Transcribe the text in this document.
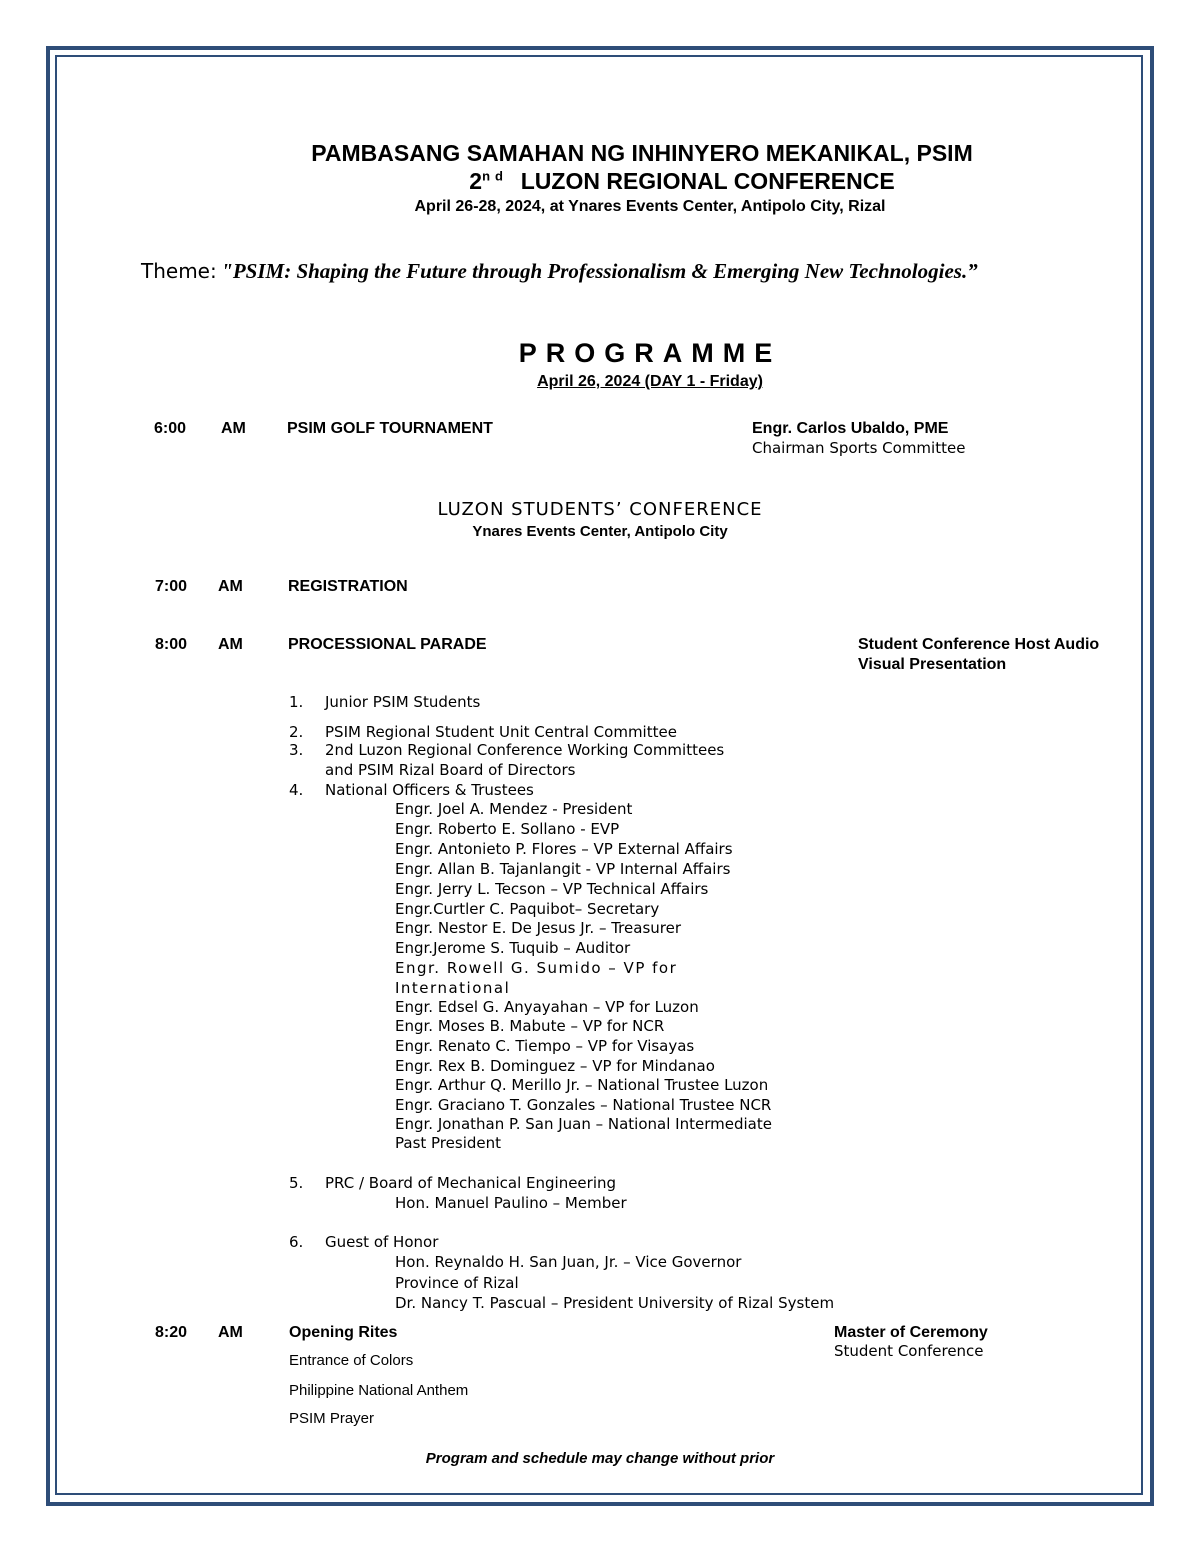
PAMBASANG SAMAHAN NG INHINYERO MEKANIKAL, PSIM
2nd LUZON REGIONAL CONFERENCE
April 26-28, 2024, at Ynares Events Center, Antipolo City, Rizal
Theme: "PSIM: Shaping the Future through Professionalism & Emerging New Technologies.”
PROGRAMME
April 26, 2024 (DAY 1 - Friday)
6:00 AM	PSIM GOLF TOURNAMENT	Engr. Carlos Ubaldo, PME
Chairman Sports Committee
LUZON STUDENTS’ CONFERENCE
Ynares Events Center, Antipolo City
7:00 AM	REGISTRATION
8:00 AM	PROCESSIONAL PARADE	Student Conference Host Audio
Visual Presentation
1. Junior PSIM Students
2. PSIM Regional Student Unit Central Committee
3. 2nd Luzon Regional Conference Working Committees
and PSIM Rizal Board of Directors
4. National Officers & Trustees
Engr. Joel A. Mendez - President
Engr. Roberto E. Sollano - EVP
Engr. Antonieto P. Flores – VP External Affairs
Engr. Allan B. Tajanlangit - VP Internal Affairs
Engr. Jerry L. Tecson – VP Technical Affairs
Engr.Curtler C. Paquibot– Secretary
Engr. Nestor E. De Jesus Jr. – Treasurer
Engr.Jerome S. Tuquib – Auditor
Engr. Rowell G. Sumido – VP for
International
Engr. Edsel G. Anyayahan – VP for Luzon
Engr. Moses B. Mabute – VP for NCR
Engr. Renato C. Tiempo – VP for Visayas
Engr. Rex B. Dominguez – VP for Mindanao
Engr. Arthur Q. Merillo Jr. – National Trustee Luzon
Engr. Graciano T. Gonzales – National Trustee NCR
Engr. Jonathan P. San Juan – National Intermediate
Past President
5. PRC / Board of Mechanical Engineering
Hon. Manuel Paulino – Member
6. Guest of Honor
Hon. Reynaldo H. San Juan, Jr. – Vice Governor
Province of Rizal
Dr. Nancy T. Pascual – President University of Rizal System
8:20 AM	Opening Rites	Master of Ceremony
Student Conference
Entrance of Colors
Philippine National Anthem
PSIM Prayer
Program and schedule may change without prior
